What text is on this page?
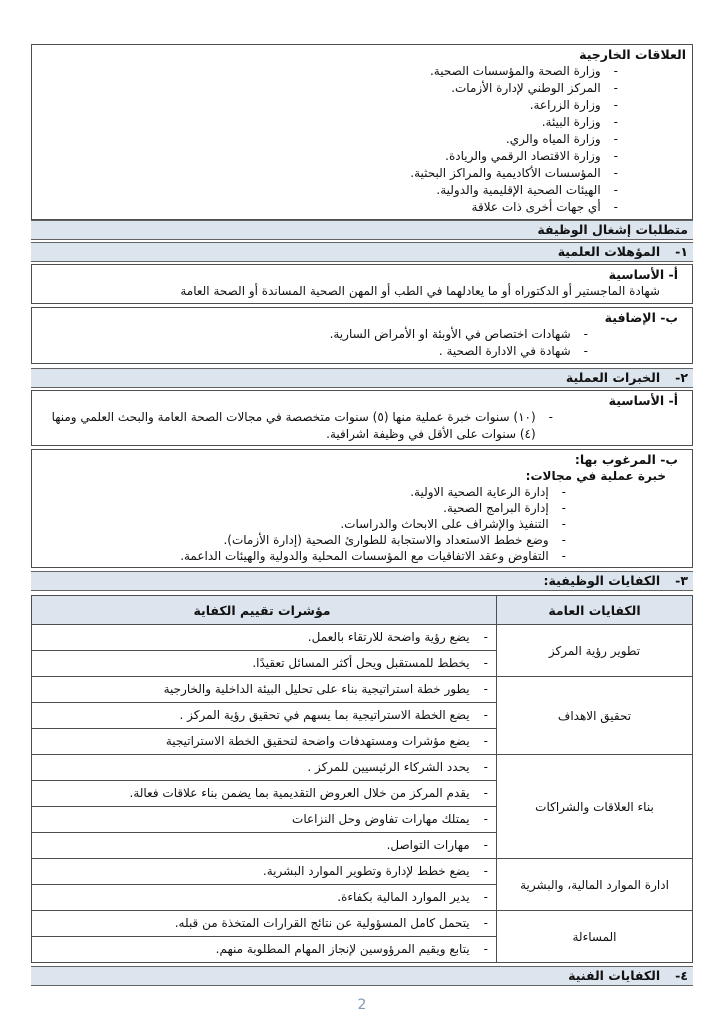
العلاقات الخارجية
- وزارة الصحة والمؤسسات الصحية.
- المركز الوطني لإدارة الأزمات.
- وزارة الزراعة.
- وزارة البيئة.
- وزارة المياه والري.
- وزارة الاقتصاد الرقمي والريادة.
- المؤسسات الأكاديمية والمراكز البحثية.
- الهيئات الصحية الإقليمية والدولية.
- أي جهات أخرى ذات علاقة
متطلبات إشغال الوظيفة
١-
المؤهلات العلمية
أ- الأساسية
شهادة الماجستير أو الدكتوراه أو ما يعادلهما في الطب أو المهن الصحية المساندة أو الصحة العامة
ب- الإضافية
- شهادات اختصاص في الأوبئة او الأمراض السارية.
- شهادة في الادارة الصحية .
٢-
الخبرات العملية
أ- الأساسية
- (١٠) سنوات خبرة عملية منها (٥) سنوات متخصصة في مجالات الصحة العامة والبحث العلمي ومنها (٤) سنوات على الأقل في وظيفة اشرافية.
ب- المرغوب بها:
خبرة عملية في مجالات:
- إدارة الرعاية الصحية الاولية.
- إدارة البرامج الصحية.
- التنفيذ والإشراف على الابحاث والدراسات.
- وضع خطط الاستعداد والاستجابة للطوارئ الصحية (إدارة الأزمات).
- التفاوض وعقد الاتفاقيات مع المؤسسات المحلية والدولية والهيئات الداعمة.
٣-
الكفايات الوظيفية:
الكفايات العامة	مؤشرات تقييم الكفاية
تطوير رؤية المركز	- يضع رؤية واضحة للارتقاء بالعمل.

- يخطط للمستقبل ويحل أكثر المسائل تعقيدًا.

تحقيق الاهداف	- يطور خطة استراتيجية بناء على تحليل البيئة الداخلية والخارجية

- يضع الخطة الاستراتيجية بما يسهم في تحقيق رؤية المركز .

- يضع مؤشرات ومستهدفات واضحة لتحقيق الخطة الاستراتيجية

بناء العلاقات والشراكات	- يحدد الشركاء الرئيسيين للمركز .

- يقدم المركز من خلال العروض التقديمية بما يضمن بناء علاقات فعالة.

- يمتلك مهارات تفاوض وحل النزاعات

- مهارات التواصل.

ادارة الموارد المالية، والبشرية	- يضع خطط لإدارة وتطوير الموارد البشرية.

- يدير الموارد المالية بكفاءة.

المساءلة	- يتحمل كامل المسؤولية عن نتائج القرارات المتخذة من قبله.

- يتابع ويقيم المرؤوسين لإنجاز المهام المطلوبة منهم.
٤-
الكفايات الفنية
2
